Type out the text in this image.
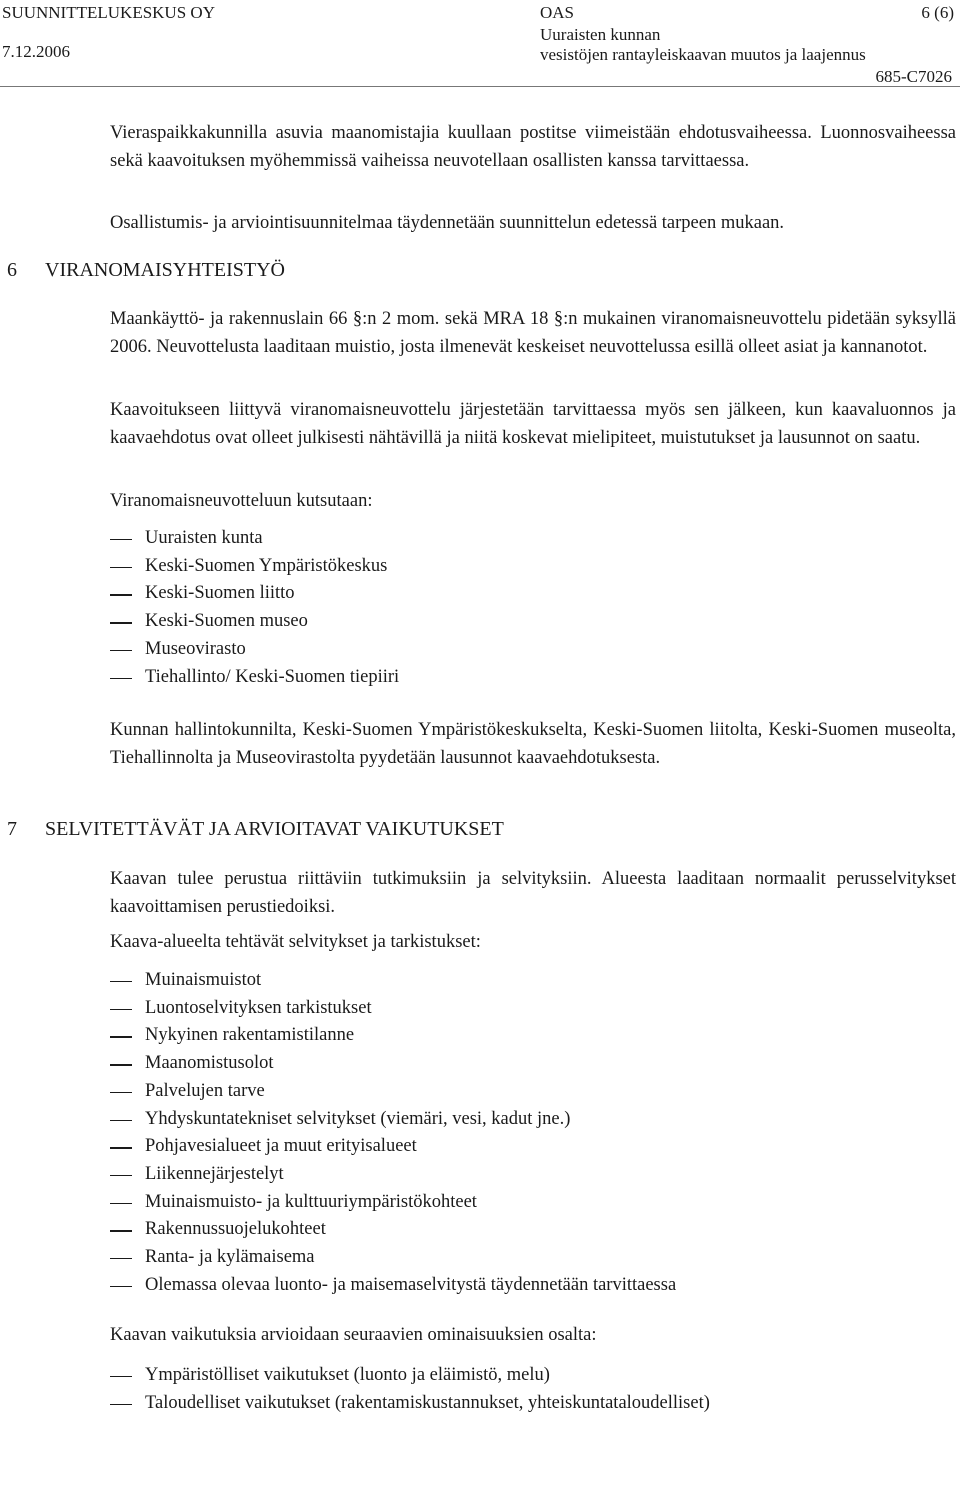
SUUNNITTELUKESKUS OY
7.12.2006
OAS
Uuraisten kunnan
vesistöjen rantayleiskaavan muutos ja laajennus
6 (6)
685-C7026
Vieraspaikkakunnilla asuvia maanomistajia kuullaan postitse viimeistään ehdotusvaiheessa. Luonnosvaiheessa sekä kaavoituksen myöhemmissä vaiheissa neuvotellaan osallisten kanssa tarvittaessa.
Osallistumis- ja arviointisuunnitelmaa täydennetään suunnittelun edetessä tarpeen mukaan.
6 VIRANOMAISYHTEISTYÖ
Maankäyttö- ja rakennuslain 66 §:n 2 mom. sekä MRA 18 §:n mukainen viranomaisneuvottelu pidetään syksyllä 2006. Neuvottelusta laaditaan muistio, josta ilmenevät keskeiset neuvottelussa esillä olleet asiat ja kannanotot.
Kaavoitukseen liittyvä viranomaisneuvottelu järjestetään tarvittaessa myös sen jälkeen, kun kaavaluonnos ja kaavaehdotus ovat olleet julkisesti nähtävillä ja niitä koskevat mielipiteet, muistutukset ja lausunnot on saatu.
Viranomaisneuvotteluun kutsutaan:
Uuraisten kunta
Keski-Suomen Ympäristökeskus
Keski-Suomen liitto
Keski-Suomen museo
Museovirasto
Tiehallinto/ Keski-Suomen tiepiiri
Kunnan hallintokunnilta, Keski-Suomen Ympäristökeskukselta, Keski-Suomen liitolta, Keski-Suomen museolta, Tiehallinnolta ja Museovirastolta pyydetään lausunnot kaavaehdotuksesta.
7 SELVITETTÄVÄT JA ARVIOITAVAT VAIKUTUKSET
Kaavan tulee perustua riittäviin tutkimuksiin ja selvityksiin. Alueesta laaditaan normaalit perusselvitykset kaavoittamisen perustiedoiksi.
Kaava-alueelta tehtävät selvitykset ja tarkistukset:
Muinaismuistot
Luontoselvityksen tarkistukset
Nykyinen rakentamistilanne
Maanomistusolot
Palvelujen tarve
Yhdyskuntatekniset selvitykset (viemäri, vesi, kadut jne.)
Pohjavesialueet ja muut erityisalueet
Liikennejärjestelyt
Muinaismuisto- ja kulttuuriympäristökohteet
Rakennussuojelukohteet
Ranta- ja kylämaisema
Olemassa olevaa luonto- ja maisemaselvitystä täydennetään tarvittaessa
Kaavan vaikutuksia arvioidaan seuraavien ominaisuuksien osalta:
Ympäristölliset vaikutukset (luonto ja eläimistö, melu)
Taloudelliset vaikutukset (rakentamiskustannukset, yhteiskuntataloudelliset)
